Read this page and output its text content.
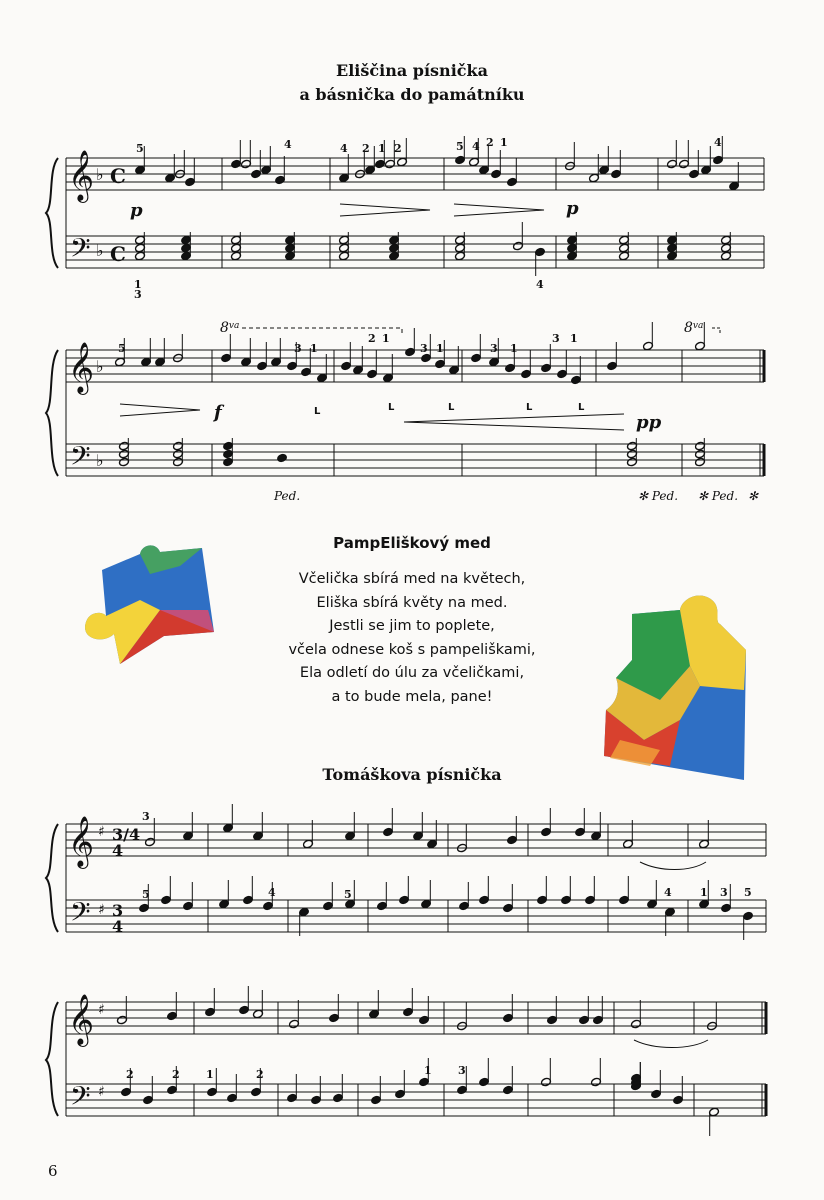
Eliščina písnička
a básnička do památníku
𝄞
𝄢
𝄞
𝄢
𝄞
𝄢
𝄞
𝄢
♭
♭
♭
♭
♯
♯
♯
♯
C
C
3/4
4
3
4
p	p
f	pp
$8^{va}$	$8^{va}$
Ped.	✻ Ped. ✻ Ped. ✻
L	L	L	L	L
5	4	4 2 1 2	5 4 2 1	4
1
3
4
5	3 1
2 1
3 1	3 1
3 1
3
5	4	5	4	1 3 5
2	2 1	2	1 3
PampEliškový med
Včelička sbírá med na květech,
Eliška sbírá květy na med.
Jestli se jim to poplete,
včela odnese koš s pampeliškami,
Ela odletí do úlu za včeličkami,
a to bude mela, pane!
Tomáškova písnička
6
